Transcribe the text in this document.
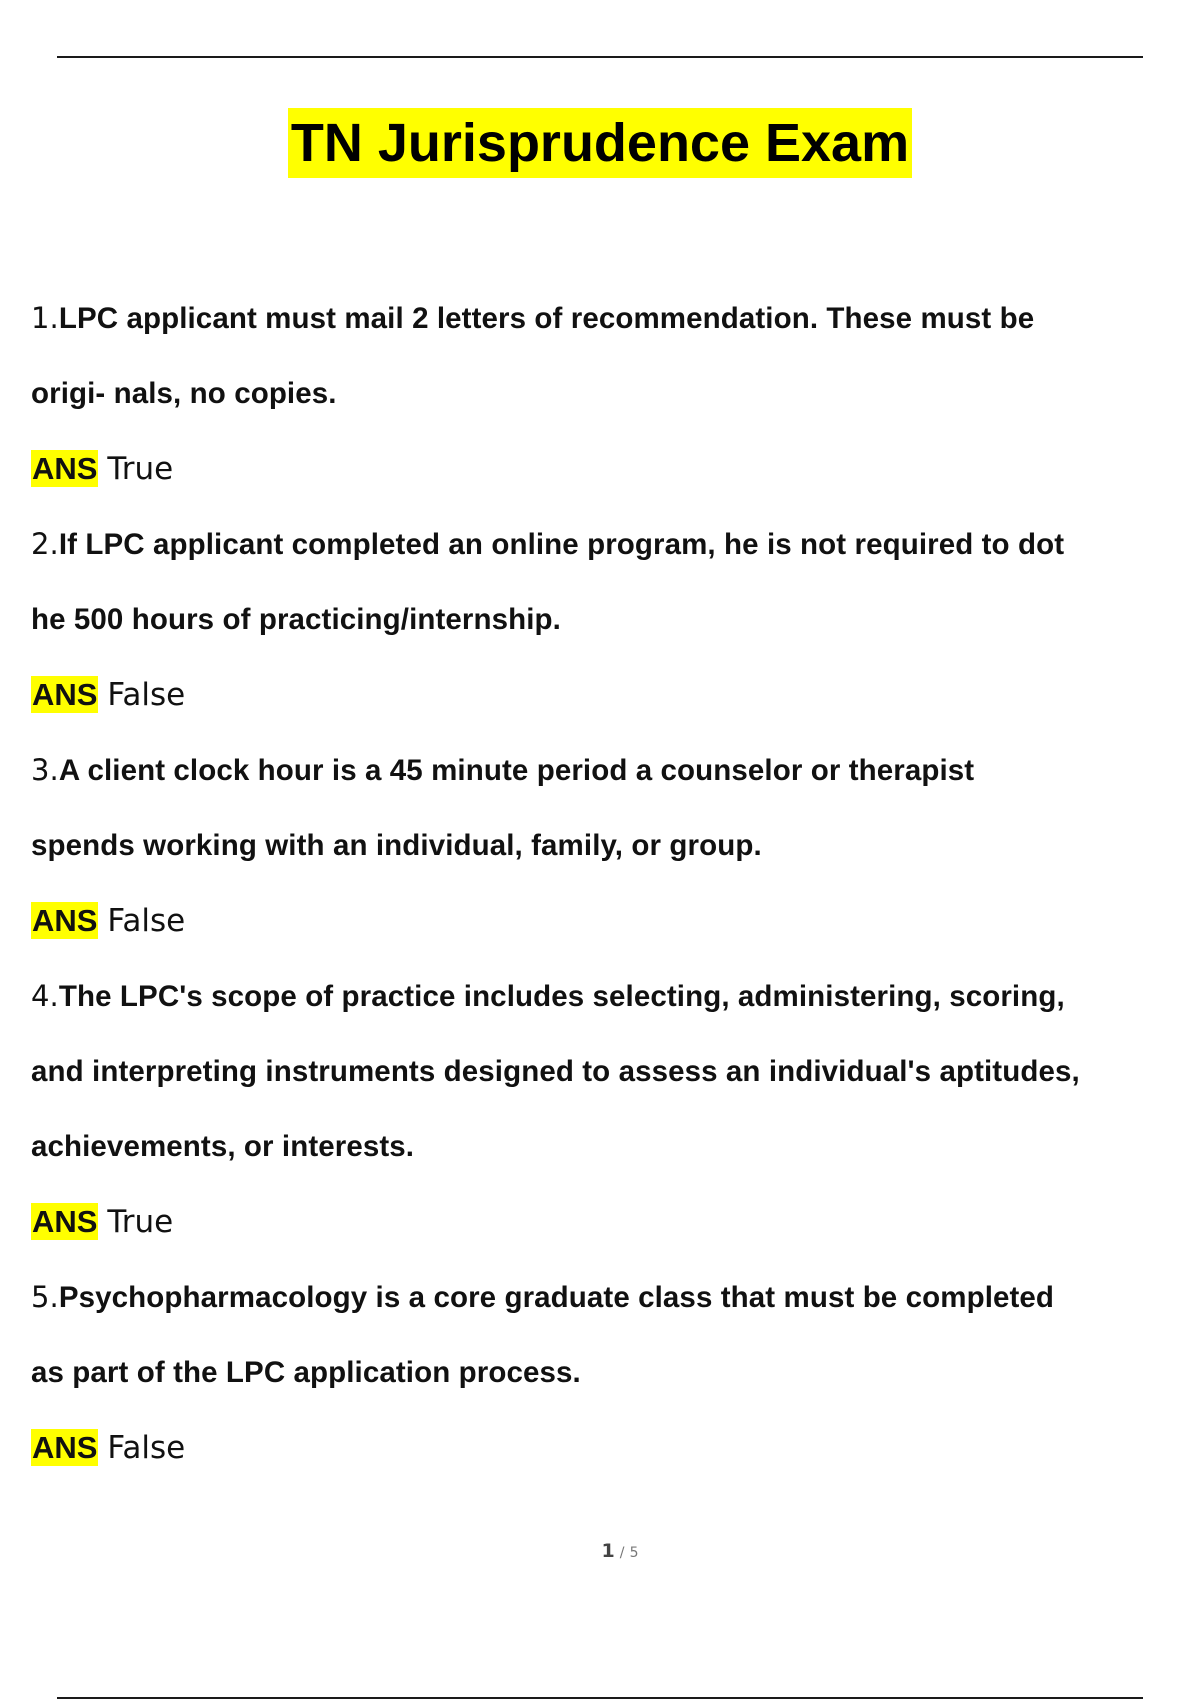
TN Jurisprudence Exam
1.LPC applicant must mail 2 letters of recommendation. These must be
origi- nals, no copies.
ANS True
2.If LPC applicant completed an online program, he is not required to dot
he 500 hours of practicing/internship.
ANS False
3.A client clock hour is a 45 minute period a counselor or therapist
spends working with an individual, family, or group.
ANS False
4.The LPC's scope of practice includes selecting, administering, scoring,
and interpreting instruments designed to assess an individual's aptitudes,
achievements, or interests.
ANS True
5.Psychopharmacology is a core graduate class that must be completed
as part of the LPC application process.
ANS False
1 / 5
